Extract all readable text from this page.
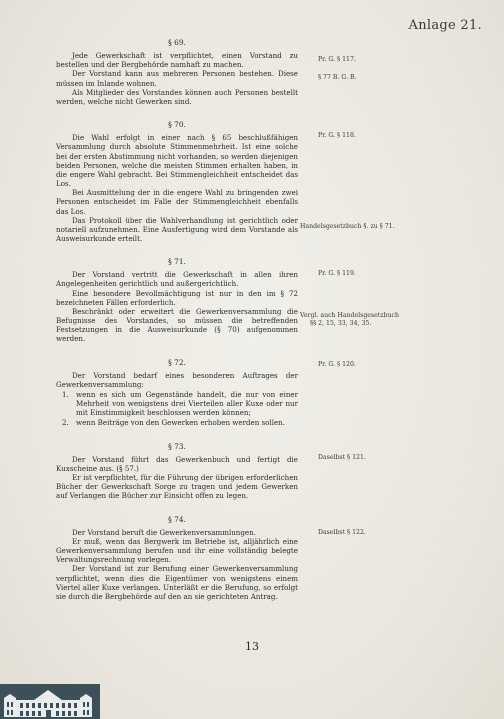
Anlage 21.
§ 69.

Jede Gewerkschaft ist verpflichtet, einen Vorstand zu bestellen und der Bergbehörde namhaft zu machen.

Der Vorstand kann aus mehreren Personen bestehen. Diese müssen im Inlande wohnen.

Als Mitglieder des Vorstandes können auch Personen bestellt werden, welche nicht Gewerken sind.

§ 70.

Die Wahl erfolgt in einer nach § 65 beschlußfähigen Versammlung durch absolute Stimmenmehrheit. Ist eine solche bei der ersten Abstimmung nicht vorhanden, so werden diejenigen beiden Personen, welche die meisten Stimmen erhalten haben, in die engere Wahl gebracht. Bei Stimmengleichheit entscheidet das Los.

Bei Ausmittelung der in die engere Wahl zu bringenden zwei Personen entscheidet im Falle der Stimmengleichheit ebenfalls das Los.

Das Protokoll über die Wahlverhandlung ist gerichtlich oder notariell aufzunehmen. Eine Ausfertigung wird dem Vorstande als Ausweisurkunde erteilt.

§ 71.

Der Vorstand vertritt die Gewerkschaft in allen ihren Angelegenheiten gerichtlich und außergerichtlich.

Eine besondere Bevollmächtigung ist nur in den im § 72 bezeichneten Fällen erforderlich.

Beschränkt oder erweitert die Gewerkenversammlung die Befugnisse des Vorstandes, so müssen die betreffenden Festsetzungen in die Ausweisurkunde (§ 70) aufgenommen werden.

§ 72.

Der Vorstand bedarf eines besonderen Auftrages der Gewerkenversammlung:

1. wenn es sich um Gegenstände handelt, die nur von einer Mehrheit von wenigstens drei Vierteilen aller Kuxe oder nur mit Einstimmigkeit beschlossen werden können;
2. wenn Beiträge von den Gewerken erhoben werden sollen.
§ 73.

Der Vorstand führt das Gewerkenbuch und fertigt die Kuxscheine aus. (§ 57.)

Er ist verpflichtet, für die Führung der übrigen erforderlichen Bücher der Gewerkschaft Sorge zu tragen und jedem Gewerken auf Verlangen die Bücher zur Einsicht offen zu legen.

§ 74.

Der Vorstand beruft die Gewerkenversammlungen.

Er muß, wenn das Bergwerk im Betriebe ist, alljährlich eine Gewerkenversammlung berufen und ihr eine vollständig belegte Verwaltungsrechnung vorlegen.

Der Vorstand ist zur Berufung einer Gewerkenversammlung verpflichtet, wenn dies die Eigentümer von wenigstens einem Viertel aller Kuxe verlangen. Unterläßt er die Berufung, so erfolgt sie durch die Bergbehörde auf den an sie gerichteten Antrag.

Pr. G. § 117.
§ 77 B. G. B.
Pr. G. § 118.
Handelsgesetzbuch §. zu § 71.
Pr. G. § 119.
Vergl. auch Handelsgesetzbuch
§§ 2, 15, 33, 34, 35.
Pr. G. § 120.
Daselbst § 121.
Daselbst § 122.
13
